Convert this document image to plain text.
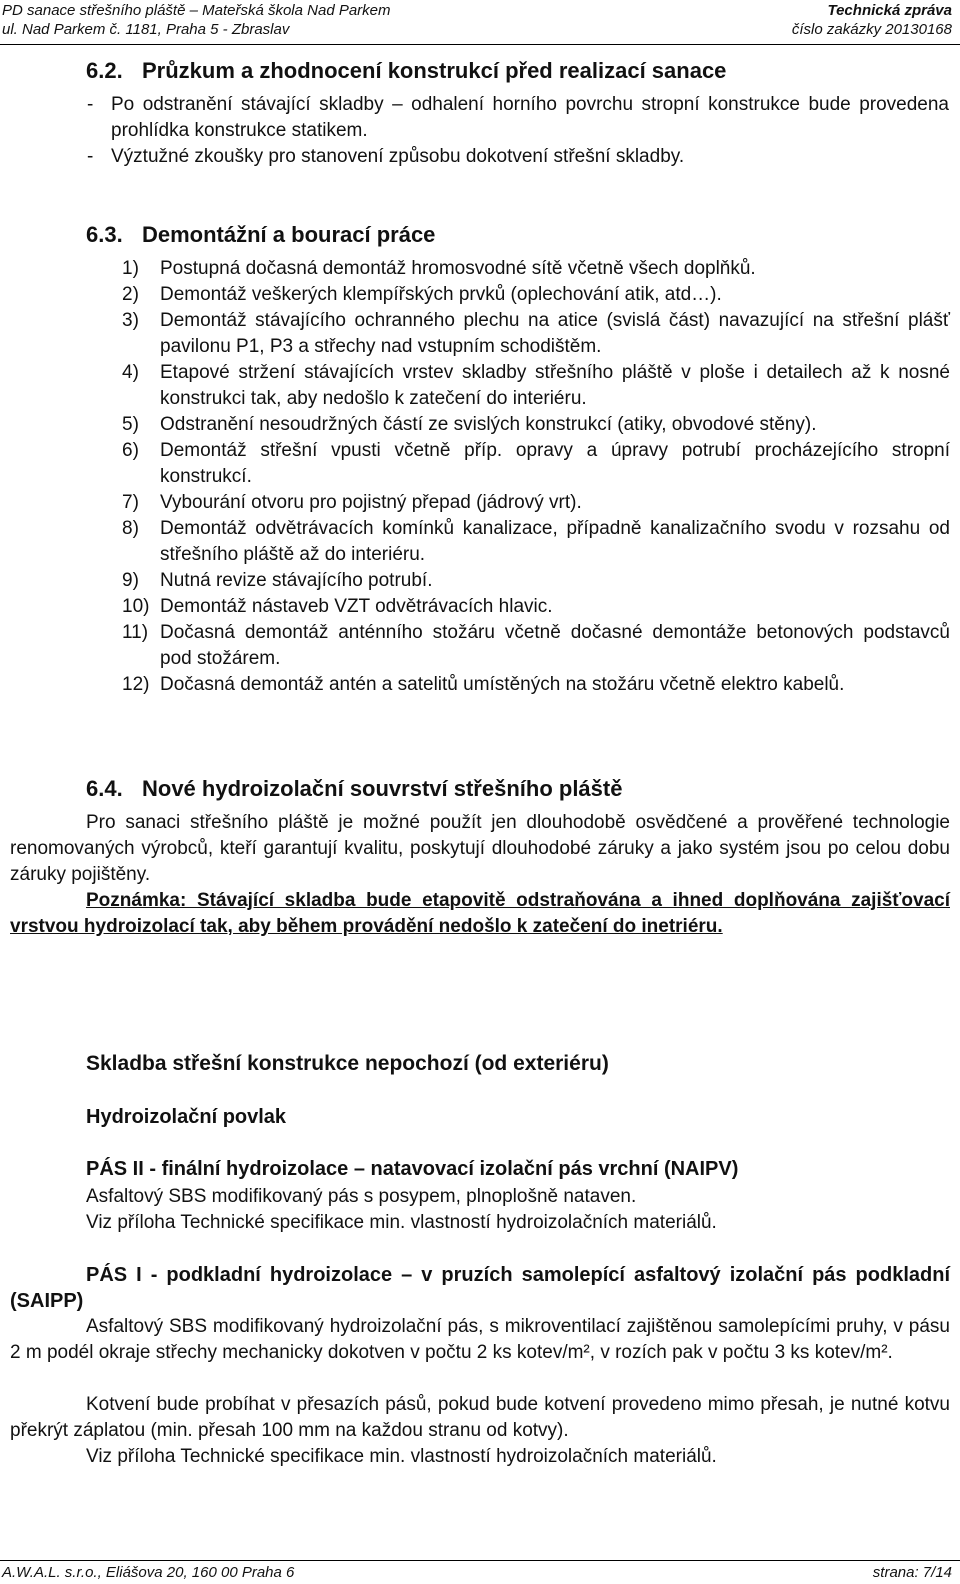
PD sanace střešního pláště – Mateřská škola Nad Parkem
ul. Nad Parkem č. 1181, Praha 5 - Zbraslav
Technická zpráva
číslo zakázky 20130168
6.2. Průzkum a zhodnocení konstrukcí před realizací sanace
- Po odstranění stávající skladby – odhalení horního povrchu stropní konstrukce bude provedena prohlídka konstrukce statikem.
- Výztužné zkoušky pro stanovení způsobu dokotvení střešní skladby.
6.3. Demontážní a bourací práce
1) Postupná dočasná demontáž hromosvodné sítě včetně všech doplňků.
2) Demontáž veškerých klempířských prvků (oplechování atik, atd…).
3) Demontáž stávajícího ochranného plechu na atice (svislá část) navazující na střešní plášť pavilonu P1, P3 a střechy nad vstupním schodištěm.
4) Etapové stržení stávajících vrstev skladby střešního pláště v ploše i detailech až k nosné konstrukci tak, aby nedošlo k zatečení do interiéru.
5) Odstranění nesoudržných částí ze svislých konstrukcí (atiky, obvodové stěny).
6) Demontáž střešní vpusti včetně příp. opravy a úpravy potrubí procházejícího stropní konstrukcí.
7) Vybourání otvoru pro pojistný přepad (jádrový vrt).
8) Demontáž odvětrávacích komínků kanalizace, případně kanalizačního svodu v rozsahu od střešního pláště až do interiéru.
9) Nutná revize stávajícího potrubí.
10) Demontáž nástaveb VZT odvětrávacích hlavic.
11) Dočasná demontáž anténního stožáru včetně dočasné demontáže betonových podstavců pod stožárem.
12) Dočasná demontáž antén a satelitů umístěných na stožáru včetně elektro kabelů.
6.4. Nové hydroizolační souvrství střešního pláště
Pro sanaci střešního pláště je možné použít jen dlouhodobě osvědčené a prověřené technologie renomovaných výrobců, kteří garantují kvalitu, poskytují dlouhodobé záruky a jako systém jsou po celou dobu záruky pojištěny.
Poznámka: Stávající skladba bude etapovitě odstraňována a ihned doplňována zajišťovací vrstvou hydroizolací tak, aby během provádění nedošlo k zatečení do inetriéru.
Skladba střešní konstrukce nepochozí (od exteriéru)
Hydroizolační povlak
PÁS II - finální hydroizolace – natavovací izolační pás vrchní (NAIPV)
Asfaltový SBS modifikovaný pás s posypem, plnoplošně nataven.
Viz příloha Technické specifikace min. vlastností hydroizolačních materiálů.
PÁS I - podkladní hydroizolace – v pruzích samolepící asfaltový izolační pás podkladní (SAIPP)
Asfaltový SBS modifikovaný hydroizolační pás, s mikroventilací zajištěnou samolepícími pruhy, v pásu 2 m podél okraje střechy mechanicky dokotven v počtu 2 ks kotev/m², v rozích pak v počtu 3 ks kotev/m².
Kotvení bude probíhat v přesazích pásů, pokud bude kotvení provedeno mimo přesah, je nutné kotvu překrýt záplatou (min. přesah 100 mm na každou stranu od kotvy).
Viz příloha Technické specifikace min. vlastností hydroizolačních materiálů.
A.W.A.L. s.r.o., Eliášova 20, 160 00 Praha 6	strana: 7/14
